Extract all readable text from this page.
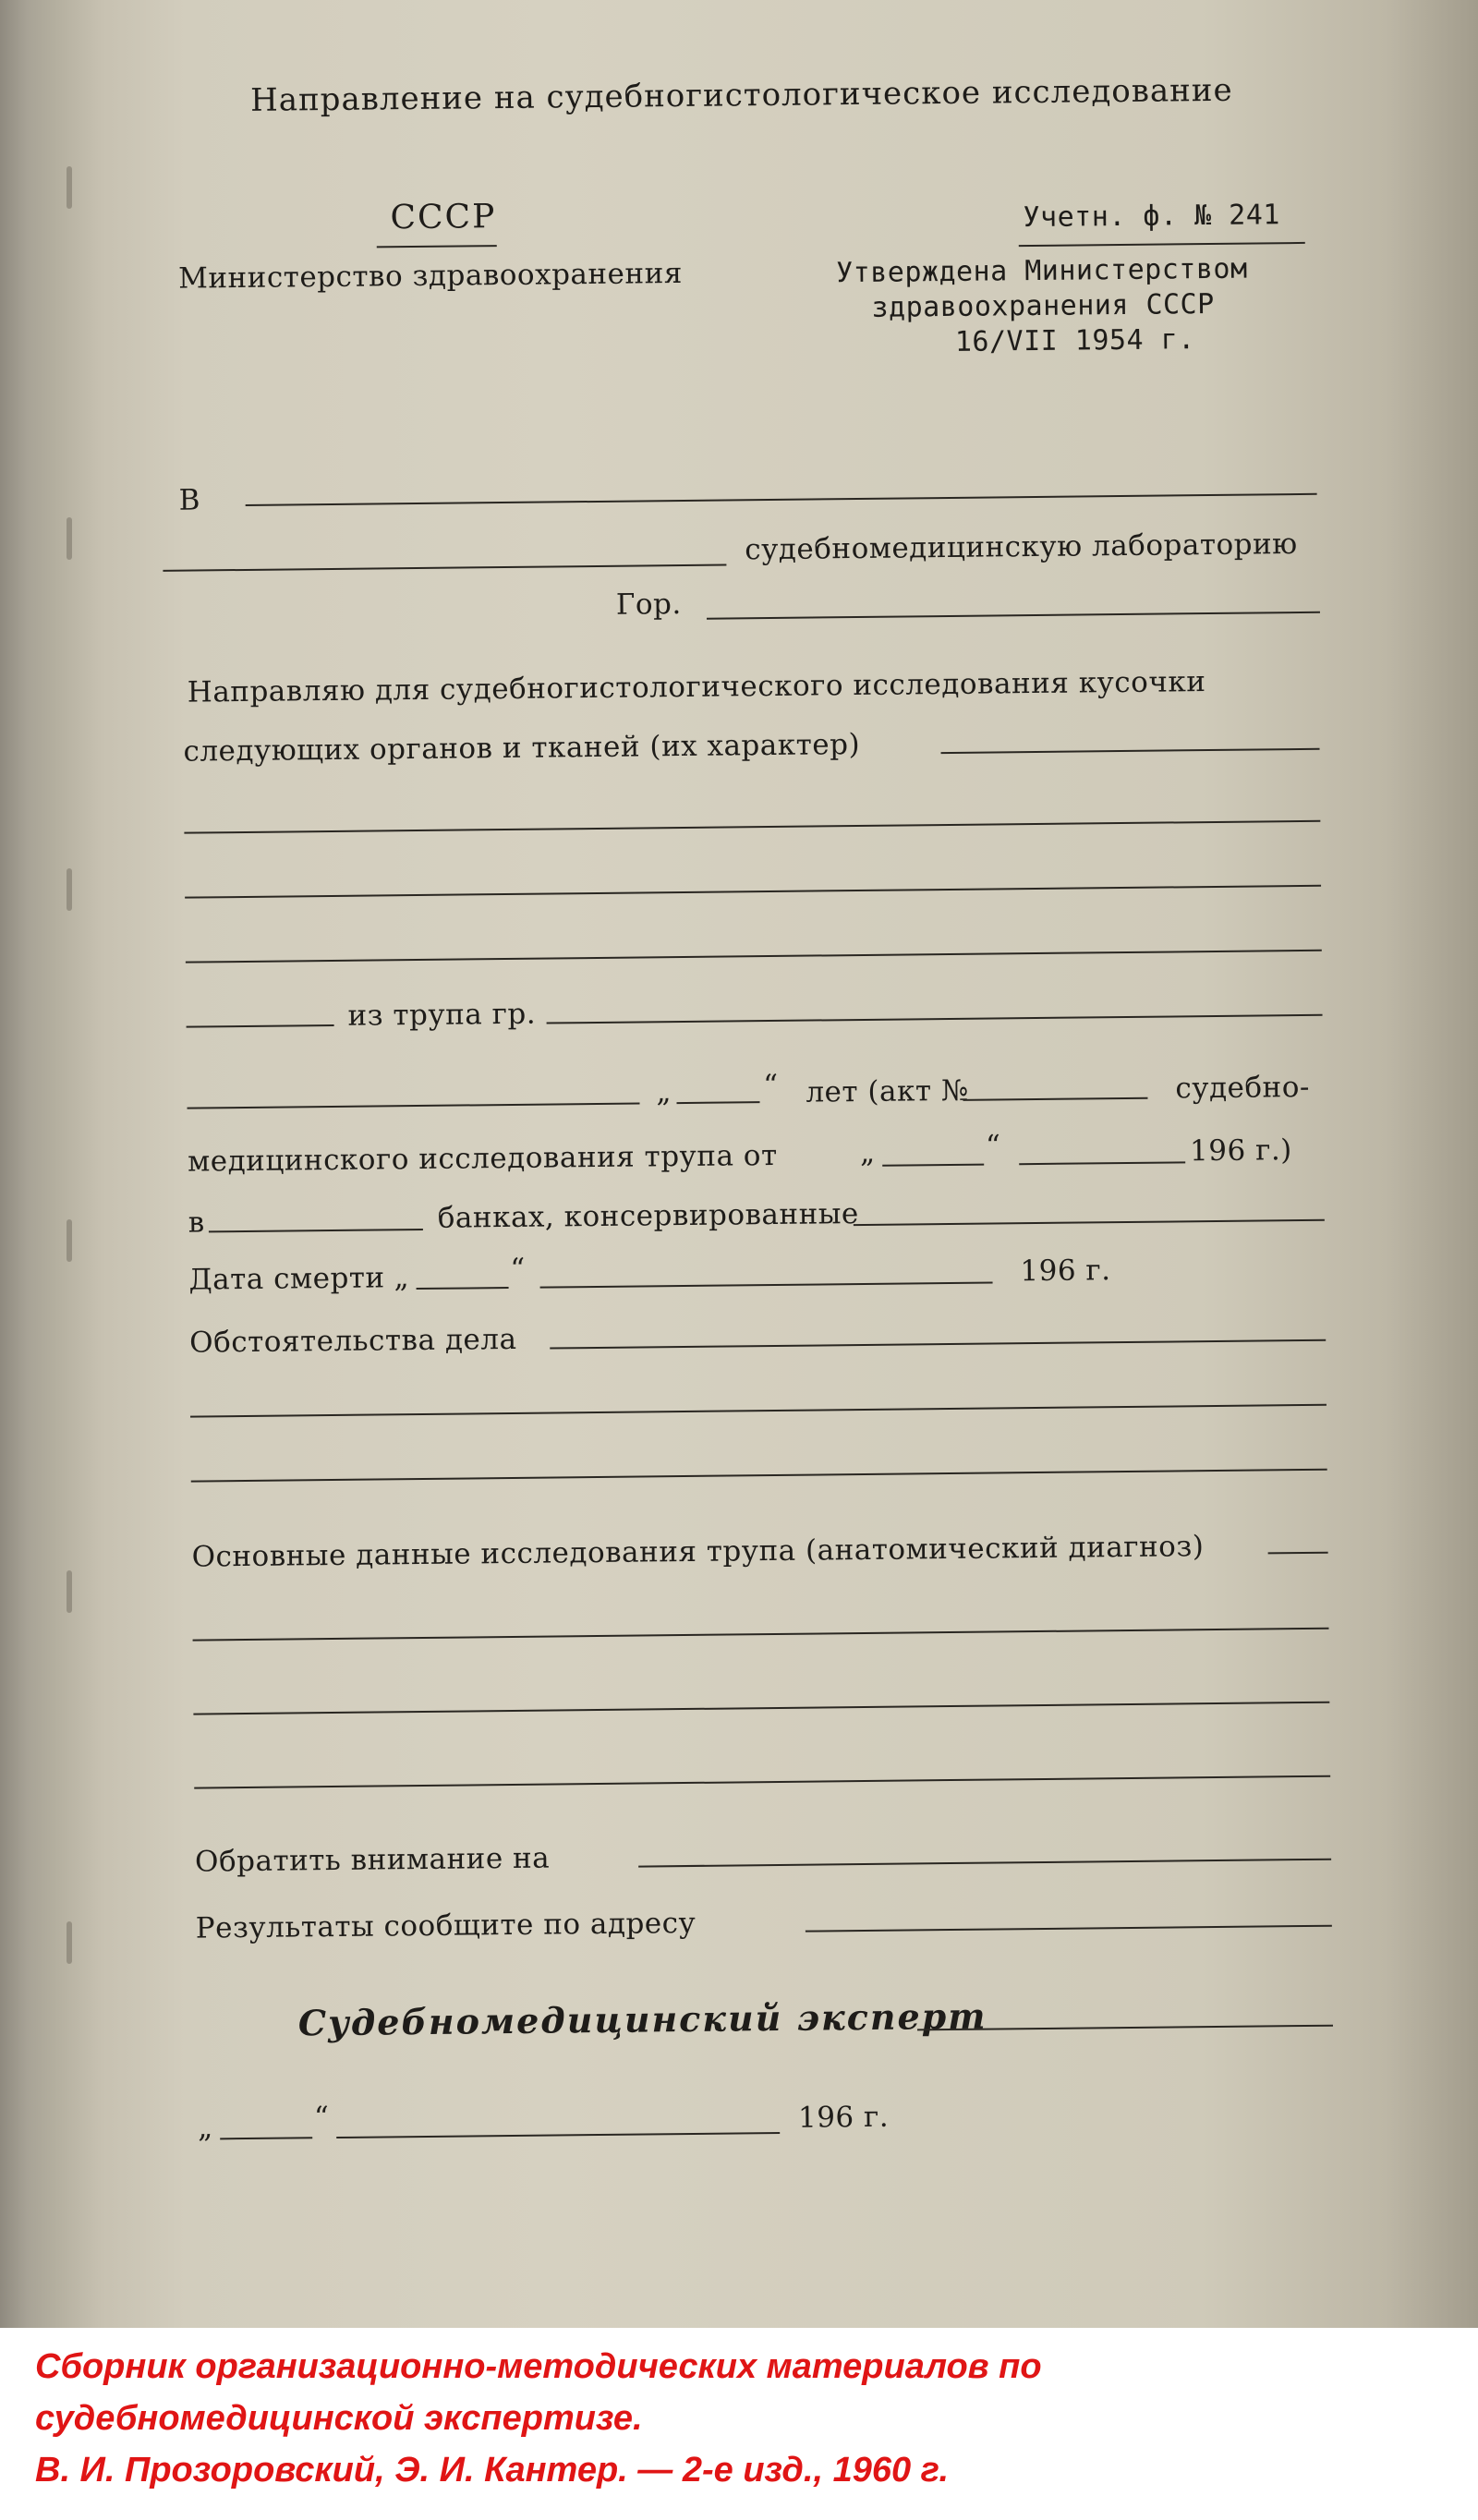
Направление на судебногистологическое исследование
СССР
Министерство здравоохранения
Учетн. ф. № 241
Утверждена Министерством
здравоохранения СССР
16/VII 1954 г.
В
судебномедицинскую лабораторию
Гор.
Направляю для судебногистологического исследования кусочки
следующих органов и тканей (их характер)
из трупа гр.
„	“ лет (акт №	судебно-
медицинского исследования трупа от	„	“	196 г.)
в	банках, консервированные
Дата смерти „	“	196 г.
Обстоятельства дела
Основные данные исследования трупа (анатомический диагноз)
Обратить внимание на
Результаты сообщите по адресу
Судебномедицинский эксперт
„	“	196 г.
Сборник организационно-методических материалов по
судебномедицинской экспертизе.
В. И. Прозоровский, Э. И. Кантер. — 2-е изд., 1960 г.
